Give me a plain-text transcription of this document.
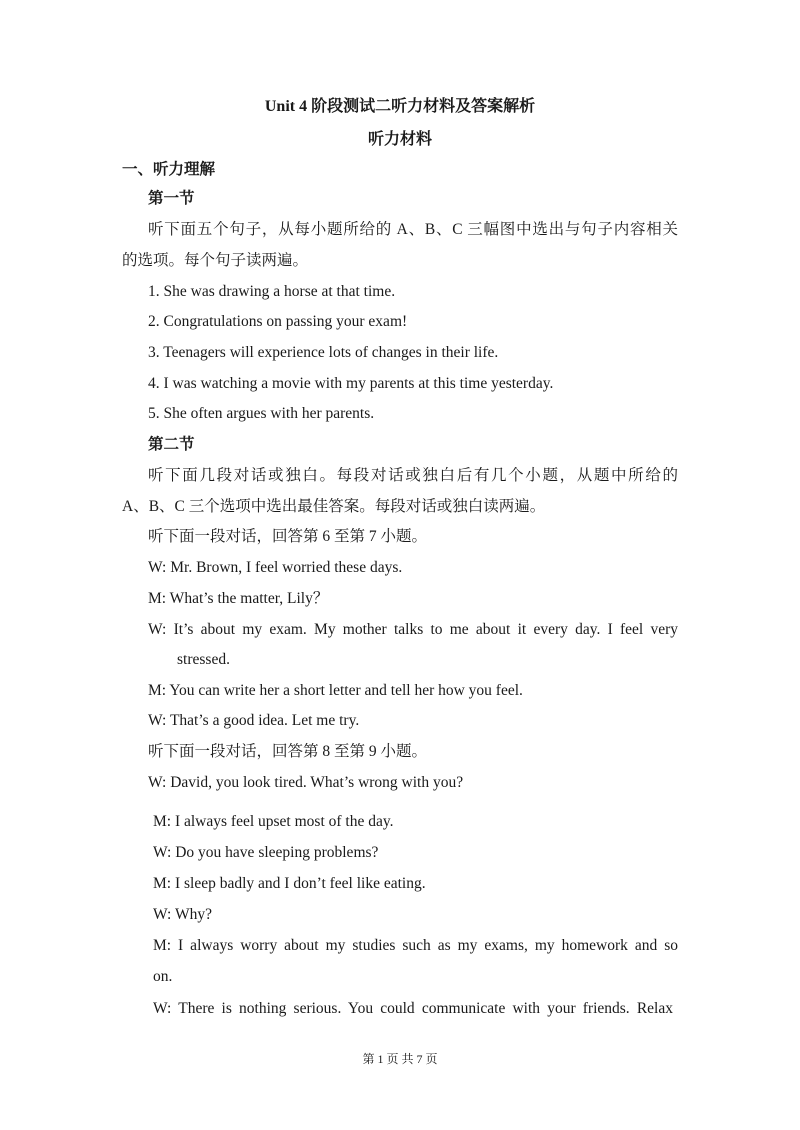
Unit 4 阶段测试二听力材料及答案解析
听力材料
一、听力理解
第一节
听下面五个句子，从每小题所给的 A、B、C 三幅图中选出与句子内容相关
的选项。每个句子读两遍。
1. She was drawing a horse at that time.
2. Congratulations on passing your exam!
3. Teenagers will experience lots of changes in their life.
4. I was watching a movie with my parents at this time yesterday.
5. She often argues with her parents.
第二节
听下面几段对话或独白。每段对话或独白后有几个小题，从题中所给的
A、B、C 三个选项中选出最佳答案。每段对话或独白读两遍。
听下面一段对话，回答第 6 至第 7 小题。
W: Mr. Brown, I feel worried these days.
M: What’s the matter, Lily？
W: It’s about my exam. My mother talks to me about it every day. I feel very
stressed.
M: You can write her a short letter and tell her how you feel.
W: That’s a good idea. Let me try.
听下面一段对话，回答第 8 至第 9 小题。
W: David, you look tired. What’s wrong with you?
M: I always feel upset most of the day.
W: Do you have sleeping problems?
M: I sleep badly and I don’t feel like eating.
W: Why?
M: I always worry about my studies such as my exams, my homework and so
on.
W: There is nothing serious. You could communicate with your friends. Relax
第 1 页 共 7 页
